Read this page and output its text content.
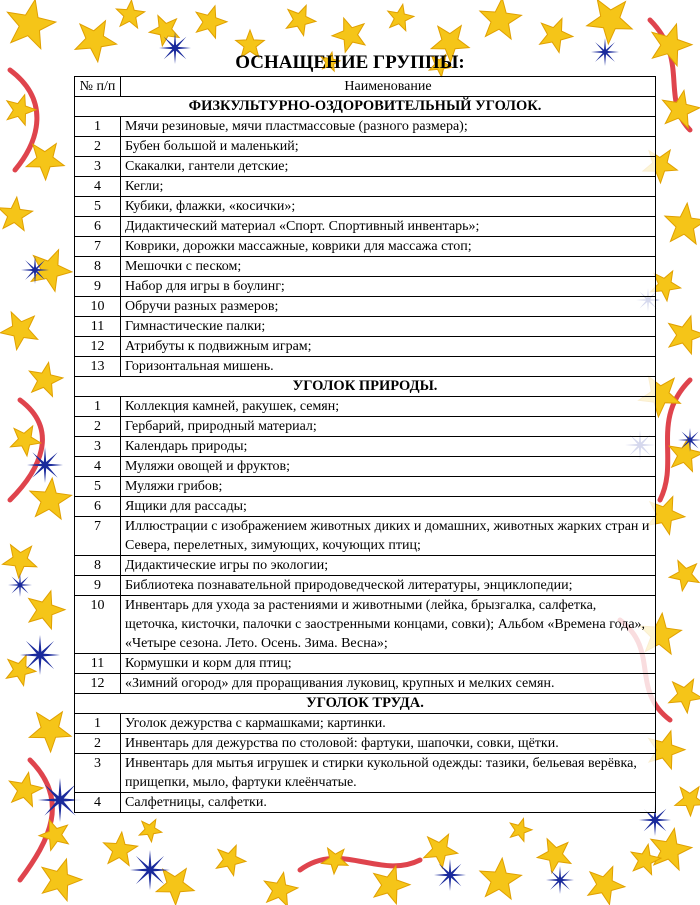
ОСНАЩЕНИЕ ГРУППЫ:
№ п/п	Наименование
ФИЗКУЛЬТУРНО-ОЗДОРОВИТЕЛЬНЫЙ УГОЛОК.	
1	Мячи резиновые, мячи пластмассовые (разного размера);
2	Бубен большой и маленький;
3	Скакалки, гантели детские;
4	Кегли;
5	Кубики, флажки, «косички»;
6	Дидактический материал «Спорт. Спортивный инвентарь»;
7	Коврики, дорожки массажные, коврики для массажа стоп;
8	Мешочки с песком;
9	Набор для игры в боулинг;
10	Обручи разных размеров;
11	Гимнастические палки;
12	Атрибуты к подвижным играм;
13	Горизонтальная мишень.
УГОЛОК ПРИРОДЫ.	
1	Коллекция камней, ракушек, семян;
2	Гербарий, природный материал;
3	Календарь природы;
4	Муляжи овощей и фруктов;
5	Муляжи грибов;
6	Ящики для рассады;
7	Иллюстрации с изображением животных диких и домашних, животных жарких стран и Севера, перелетных, зимующих, кочующих птиц;
8	Дидактические игры по экологии;
9	Библиотека познавательной природоведческой литературы, энциклопедии;
10	Инвентарь для ухода за растениями и животными (лейка, брызгалка, салфетка, щеточка, кисточки, палочки с заостренными концами, совки); Альбом «Времена года», «Четыре сезона. Лето. Осень. Зима. Весна»;
11	Кормушки и корм для птиц;
12	«Зимний огород» для проращивания луковиц, крупных и мелких семян.
УГОЛОК ТРУДА.	
1	Уголок дежурства с кармашками; картинки.
2	Инвентарь для дежурства по столовой: фартуки, шапочки, совки, щётки.
3	Инвентарь для мытья игрушек и стирки кукольной одежды: тазики, бельевая верёвка, прищепки, мыло, фартуки клеёнчатые.
4	Салфетницы, салфетки.
